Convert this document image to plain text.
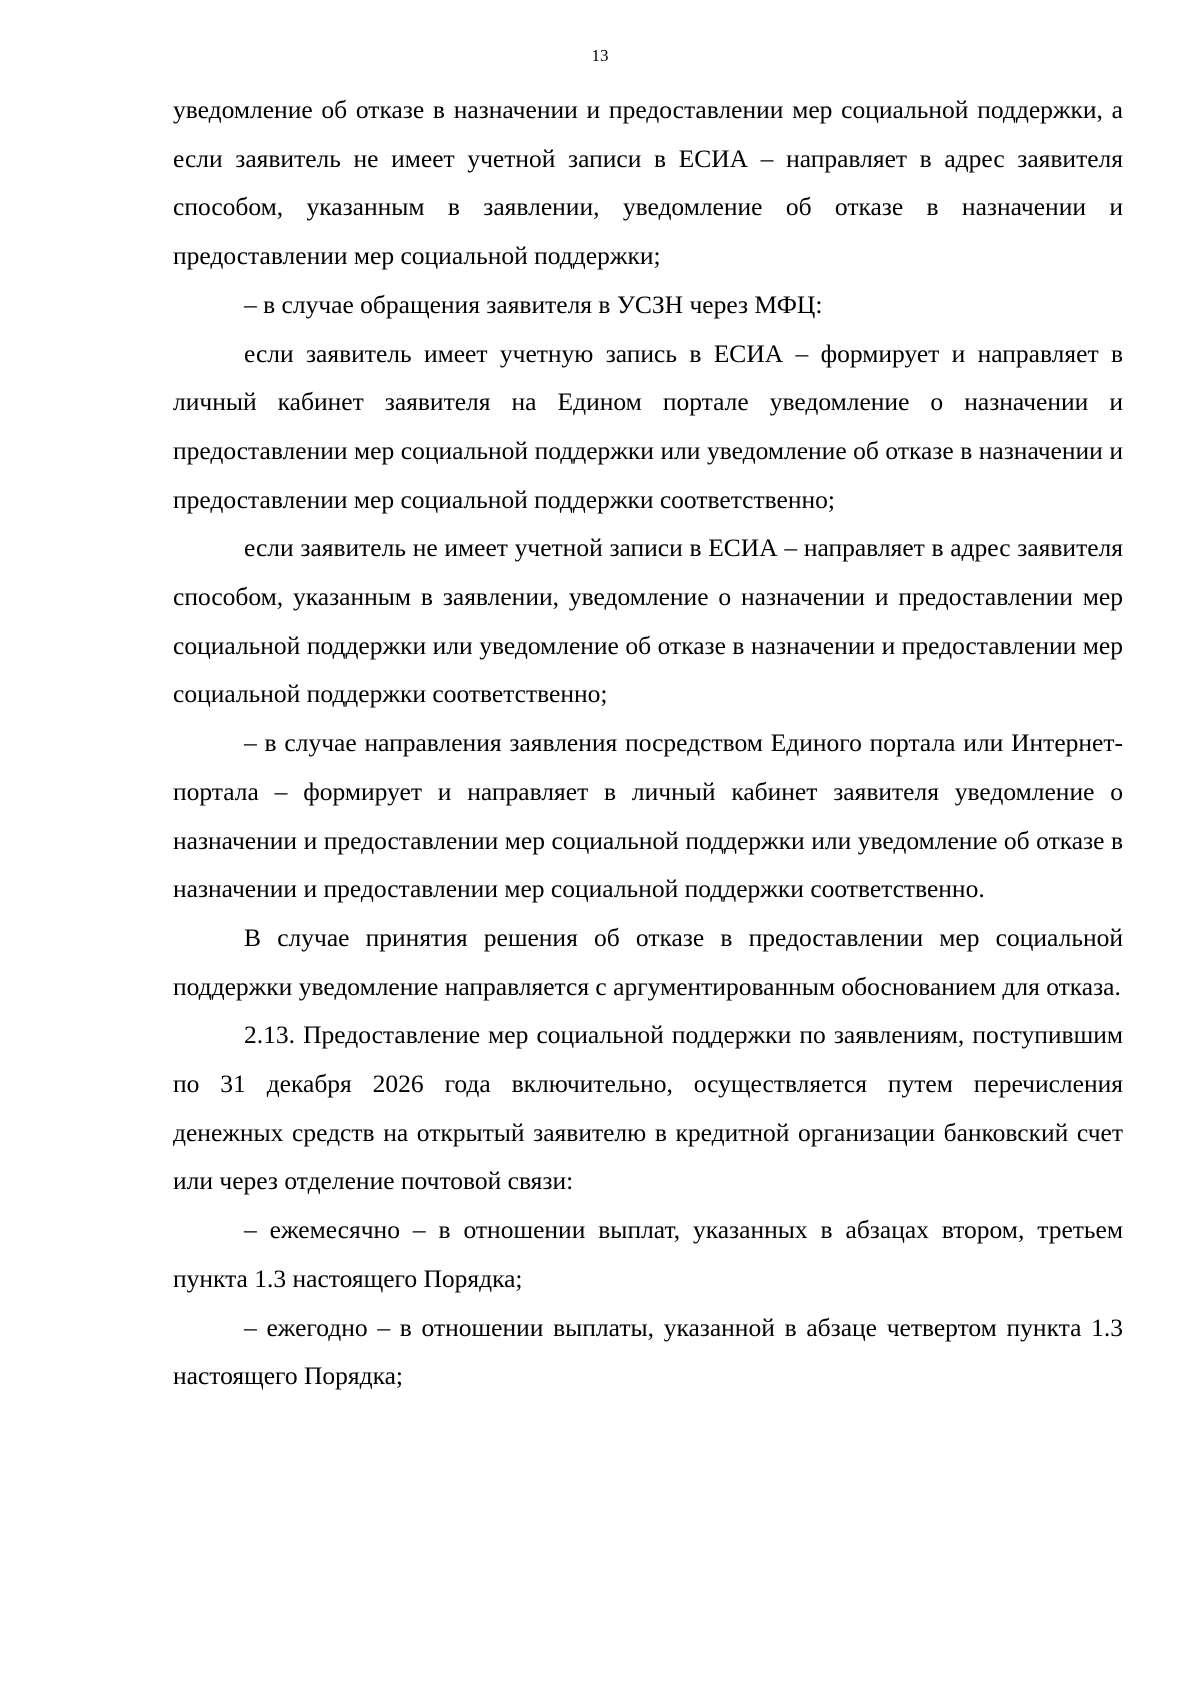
13

уведомление об отказе в назначении и предоставлении мер социальной поддержки, а если заявитель не имеет учетной записи в ЕСИА – направляет в адрес заявителя способом, указанным в заявлении, уведомление об отказе в назначении и предоставлении мер социальной поддержки;

– в случае обращения заявителя в УСЗН через МФЦ:

если заявитель имеет учетную запись в ЕСИА – формирует и направляет в личный кабинет заявителя на Едином портале уведомление о назначении и предоставлении мер социальной поддержки или уведомление об отказе в назначении и предоставлении мер социальной поддержки соответственно;

если заявитель не имеет учетной записи в ЕСИА – направляет в адрес заявителя способом, указанным в заявлении, уведомление о назначении и предоставлении мер социальной поддержки или уведомление об отказе в назначении и предоставлении мер социальной поддержки соответственно;

– в случае направления заявления посредством Единого портала или Интернет-портала – формирует и направляет в личный кабинет заявителя уведомление о назначении и предоставлении мер социальной поддержки или уведомление об отказе в назначении и предоставлении мер социальной поддержки соответственно.

В случае принятия решения об отказе в предоставлении мер социальной поддержки уведомление направляется с аргументированным обоснованием для отказа.

2.13. Предоставление мер социальной поддержки по заявлениям, поступившим по 31 декабря 2026 года включительно, осуществляется путем перечисления денежных средств на открытый заявителю в кредитной организации банковский счет или через отделение почтовой связи:

– ежемесячно – в отношении выплат, указанных в абзацах втором, третьем пункта 1.3 настоящего Порядка;

– ежегодно – в отношении выплаты, указанной в абзаце четвертом пункта 1.3 настоящего Порядка;
